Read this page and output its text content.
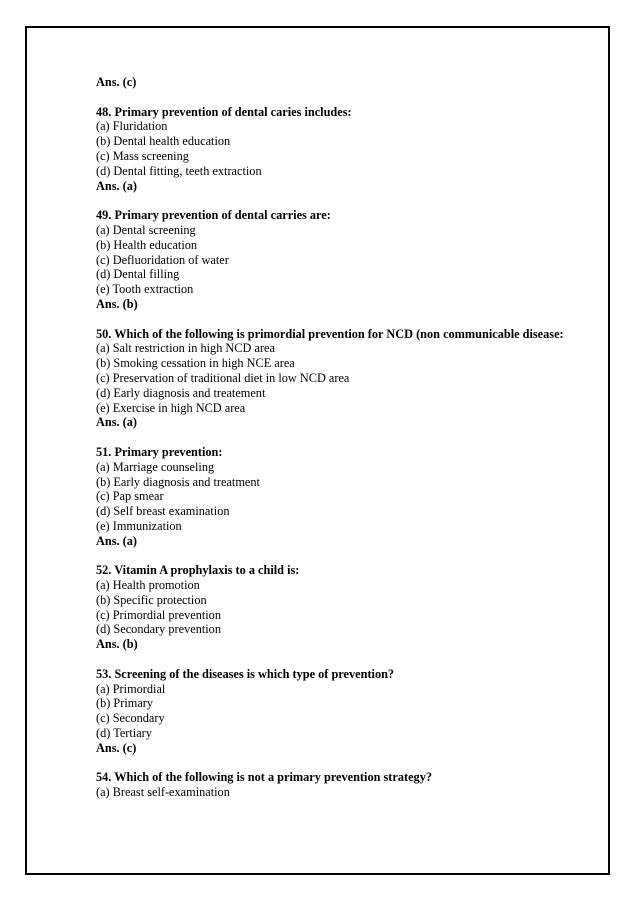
Ans. (c)
48. Primary prevention of dental caries includes:
(a) Fluridation
(b) Dental health education
(c) Mass screening
(d) Dental fitting, teeth extraction
Ans. (a)
49. Primary prevention of dental carries are:
(a) Dental screening
(b) Health education
(c) Defluoridation of water
(d) Dental filling
(e) Tooth extraction
Ans. (b)
50. Which of the following is primordial prevention for NCD (non communicable disease:
(a) Salt restriction in high NCD area
(b) Smoking cessation in high NCE area
(c) Preservation of traditional diet in low NCD area
(d) Early diagnosis and treatement
(e) Exercise in high NCD area
Ans. (a)
51. Primary prevention:
(a) Marriage counseling
(b) Early diagnosis and treatment
(c) Pap smear
(d) Self breast examination
(e) Immunization
Ans. (a)
52. Vitamin A prophylaxis to a child is:
(a) Health promotion
(b) Specific protection
(c) Primordial prevention
(d) Secondary prevention
Ans. (b)
53. Screening of the diseases is which type of prevention?
(a) Primordial
(b) Primary
(c) Secondary
(d) Tertiary
Ans. (c)
54. Which of the following is not a primary prevention strategy?
(a) Breast self-examination
